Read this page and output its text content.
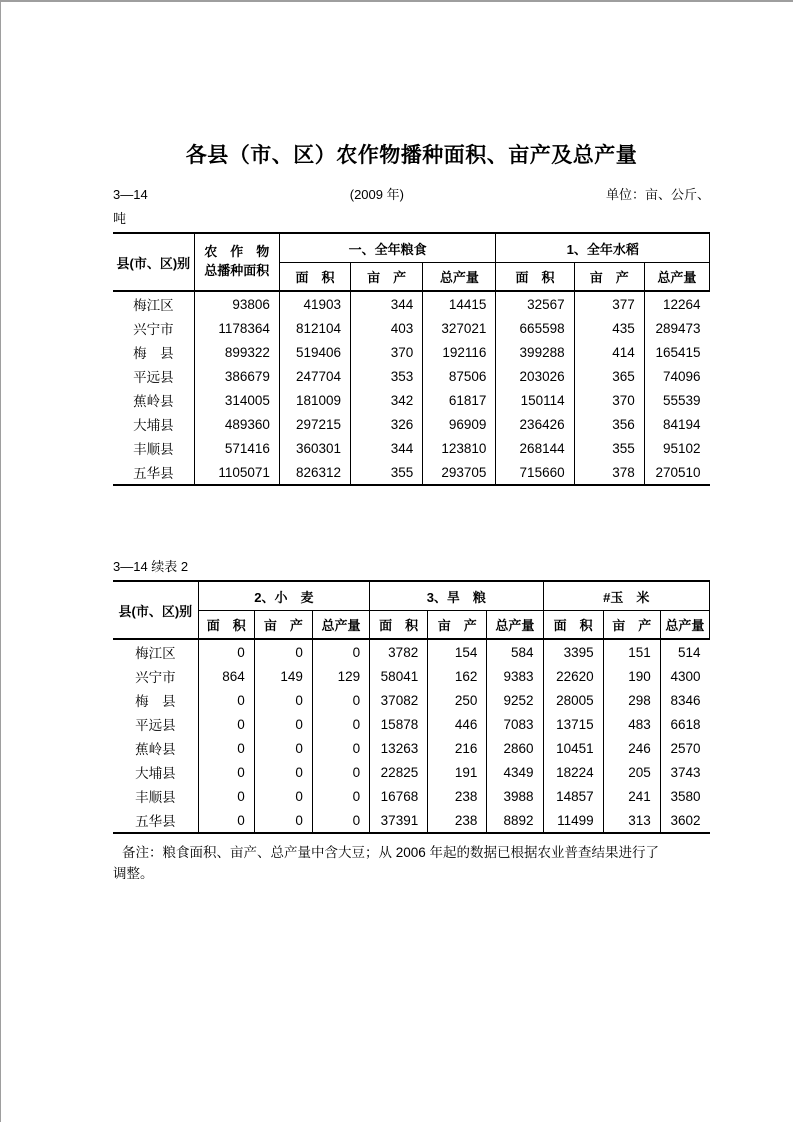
各县（市、区）农作物播种面积、亩产及总产量
3—14	(2009 年)	单位：亩、公斤、
吨
县(市、区)别	农　作　物
总播种面积	一、全年粮食			1、全年水稻		
		面　积	亩　产	总产量	面　积	亩　产	总产量
梅江区	93806	41903	344	14415	32567	377	12264
兴宁市	1178364	812104	403	327021	665598	435	289473
梅　县	899322	519406	370	192116	399288	414	165415
平远县	386679	247704	353	87506	203026	365	74096
蕉岭县	314005	181009	342	61817	150114	370	55539
大埔县	489360	297215	326	96909	236426	356	84194
丰顺县	571416	360301	344	123810	268144	355	95102
五华县	1105071	826312	355	293705	715660	378	270510
3—14 续表 2
县(市、区)别	2、小　麦			3、旱　粮			#玉　米		
	面　积	亩　产	总产量	面　积	亩　产	总产量	面　积	亩　产	总产量
梅江区	0	0	0	3782	154	584	3395	151	514
兴宁市	864	149	129	58041	162	9383	22620	190	4300
梅　县	0	0	0	37082	250	9252	28005	298	8346
平远县	0	0	0	15878	446	7083	13715	483	6618
蕉岭县	0	0	0	13263	216	2860	10451	246	2570
大埔县	0	0	0	22825	191	4349	18224	205	3743
丰顺县	0	0	0	16768	238	3988	14857	241	3580
五华县	0	0	0	37391	238	8892	11499	313	3602
备注：粮食面积、亩产、总产量中含大豆；从 2006 年起的数据已根据农业普查结果进行了
调整。
